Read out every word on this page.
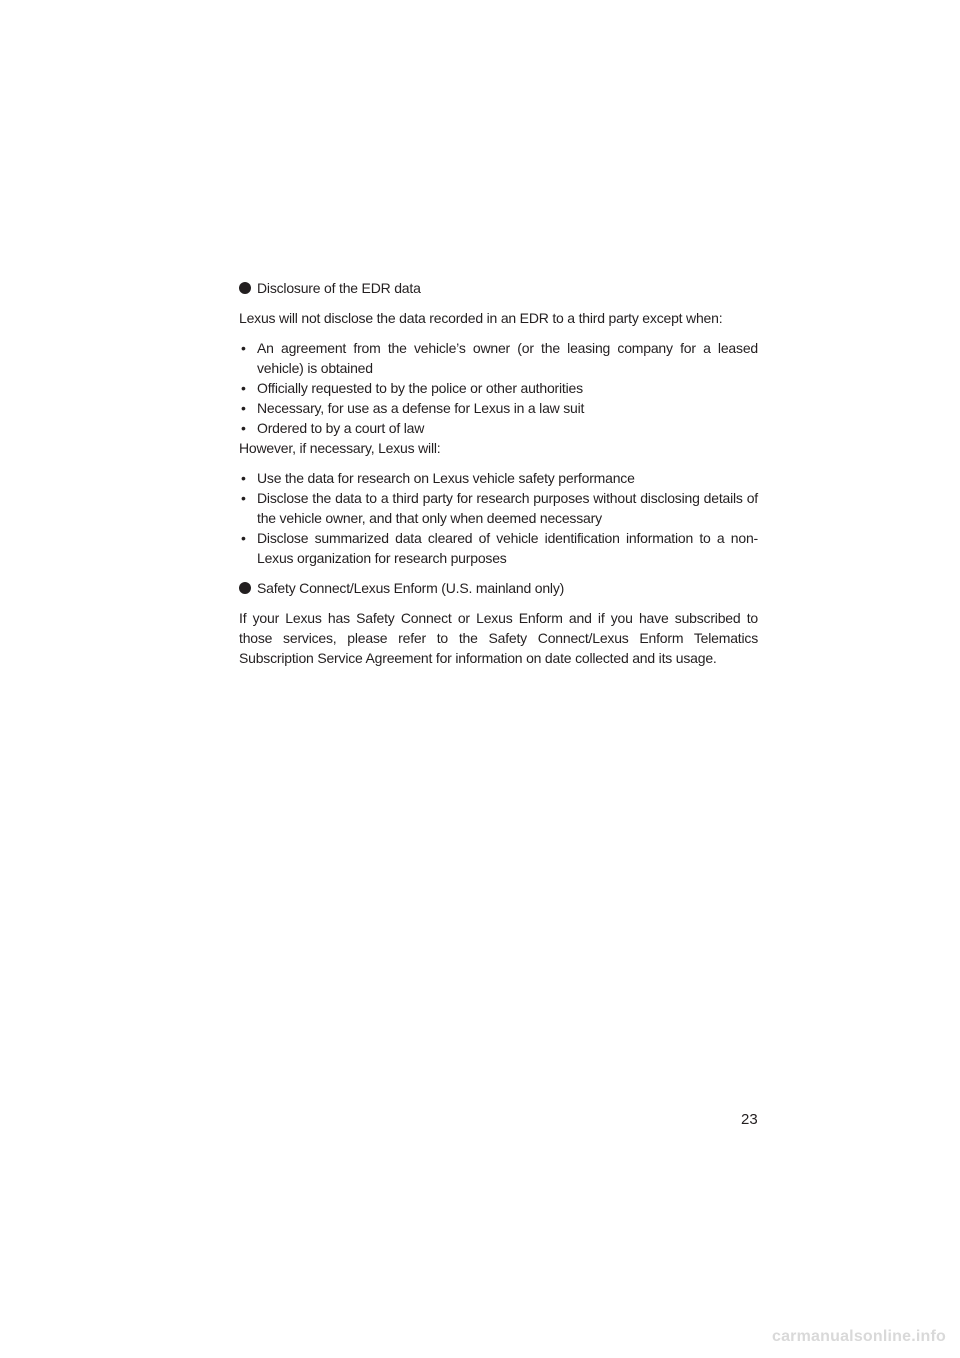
Disclosure of the EDR data

Lexus will not disclose the data recorded in an EDR to a third party except when:

• An agreement from the vehicle’s owner (or the leasing company for a leased vehicle) is obtained
• Officially requested to by the police or other authorities
• Necessary, for use as a defense for Lexus in a law suit
• Ordered to by a court of law

However, if necessary, Lexus will:

• Use the data for research on Lexus vehicle safety performance
• Disclose the data to a third party for research purposes without disclosing details of the vehicle owner, and that only when deemed necessary
• Disclose summarized data cleared of vehicle identification information to a non-Lexus organization for research purposes
Safety Connect/Lexus Enform (U.S. mainland only)

If your Lexus has Safety Connect or Lexus Enform and if you have subscribed to those services, please refer to the Safety Connect/Lexus Enform Telematics Subscription Service Agreement for information on date collected and its usage.

23
carmanualsonline.info
